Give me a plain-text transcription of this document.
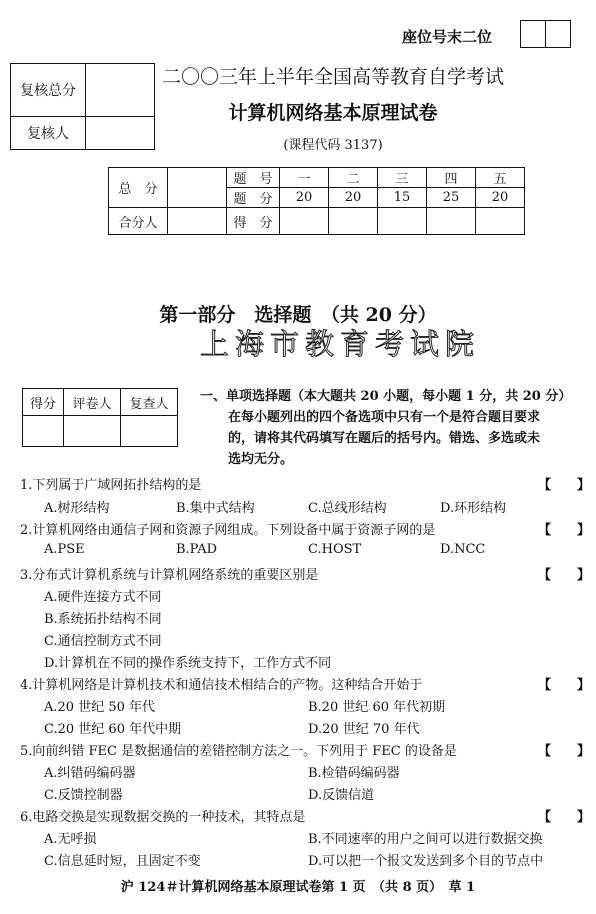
座位号末二位

复核总分	
复核人	
二〇〇三年上半年全国高等教育自学考试
计算机网络基本原理试卷
(课程代码 3137)
总　分		题　号	一	二	三	四	五
		题　分	20	20	15	25	20
合分人		得　分					
第一部分　选择题　（共 20 分）
上海市教育考试院
得分	评卷人	复查人
		一、单项选择题（本大题共 20 小题，每小题 1 分，共 20 分）
在每小题列出的四个备选项中只有一个是符合题目要求
的，请将其代码填写在题后的括号内。错选、多选或未
选均无分。
1.下列属于广域网拓扑结构的是	【　　】
A.树形结构	B.集中式结构	C.总线形结构	D.环形结构
2.计算机网络由通信子网和资源子网组成。下列设备中属于资源子网的是	【　　】
A.PSE	B.PAD	C.HOST	D.NCC
3.分布式计算机系统与计算机网络系统的重要区别是	【　　】
A.硬件连接方式不同
B.系统拓扑结构不同
C.通信控制方式不同
D.计算机在不同的操作系统支持下，工作方式不同
4.计算机网络是计算机技术和通信技术相结合的产物。这种结合开始于	【　　】
A.20 世纪 50 年代	B.20 世纪 60 年代初期
C.20 世纪 60 年代中期	D.20 世纪 70 年代
5.向前纠错 FEC 是数据通信的差错控制方法之一。下列用于 FEC 的设备是	【　　】
A.纠错码编码器	B.检错码编码器
C.反馈控制器	D.反馈信道
6.电路交换是实现数据交换的一种技术，其特点是	【　　】
A.无呼损	B.不同速率的用户之间可以进行数据交换
C.信息延时短，且固定不变	D.可以把一个报文发送到多个目的节点中
沪 124＃计算机网络基本原理试卷第 1 页　（共 8 页）　草 1
